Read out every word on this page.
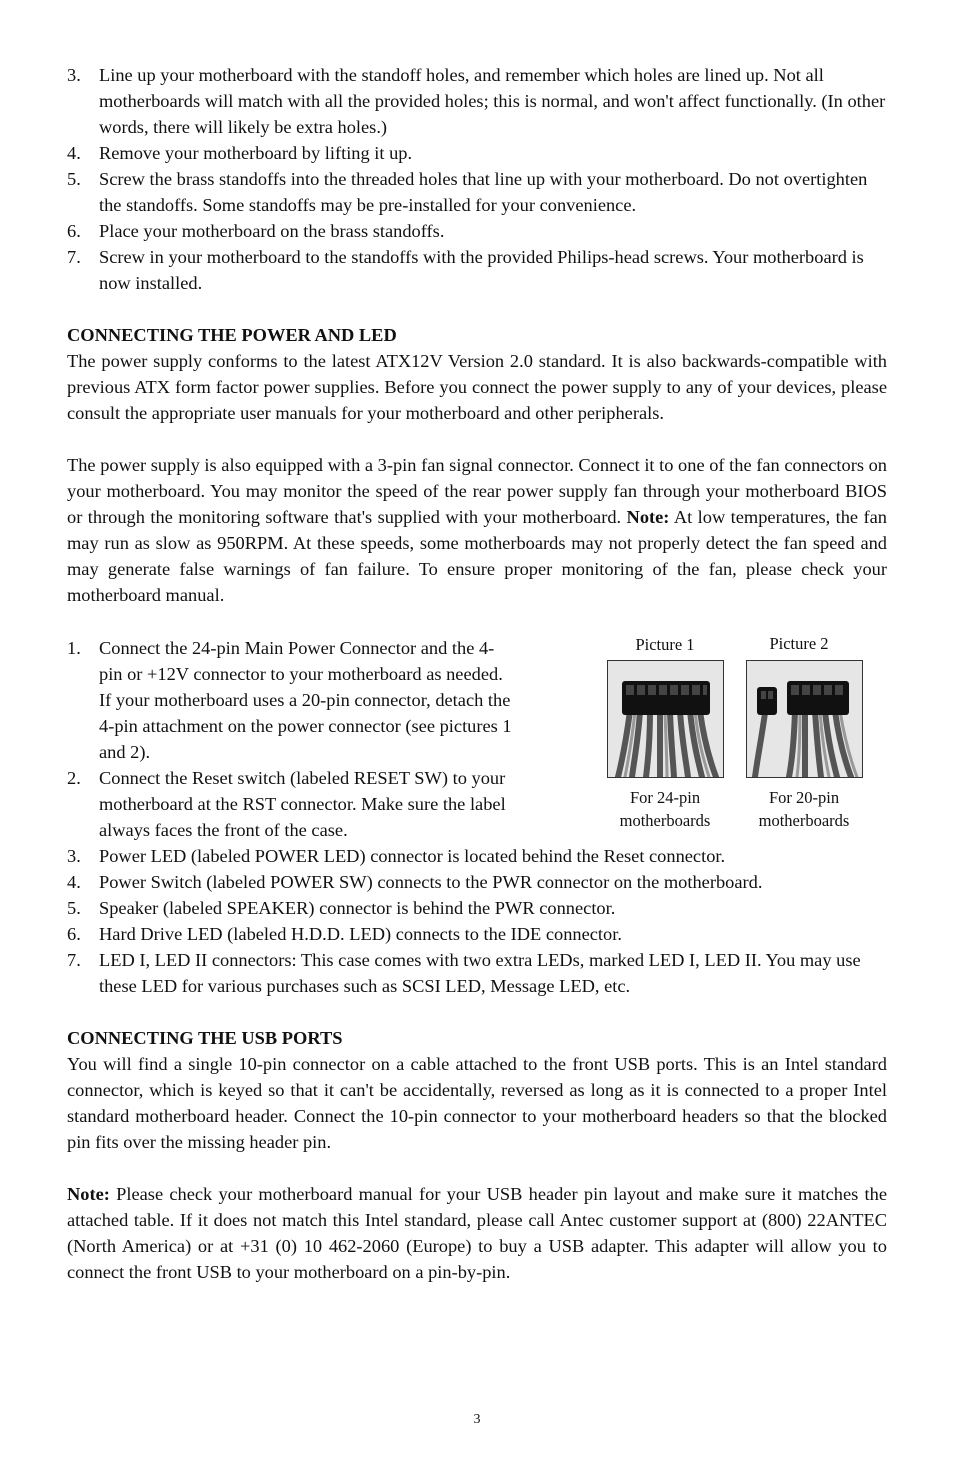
3. Line up your motherboard with the standoff holes, and remember which holes are lined up. Not all motherboards will match with all the provided holes; this is normal, and won't affect functionally. (In other words, there will likely be extra holes.)
4. Remove your motherboard by lifting it up.
5. Screw the brass standoffs into the threaded holes that line up with your motherboard. Do not overtighten the standoffs. Some standoffs may be pre-installed for your convenience.
6. Place your motherboard on the brass standoffs.
7. Screw in your motherboard to the standoffs with the provided Philips-head screws. Your motherboard is now installed.
CONNECTING THE POWER AND LED

The power supply conforms to the latest ATX12V Version 2.0 standard. It is also backwards-compatible with previous ATX form factor power supplies. Before you connect the power supply to any of your devices, please consult the appropriate user manuals for your motherboard and other peripherals.

The power supply is also equipped with a 3-pin fan signal connector. Connect it to one of the fan connectors on your motherboard. You may monitor the speed of the rear power supply fan through your motherboard BIOS or through the monitoring software that's supplied with your motherboard. Note: At low temperatures, the fan may run as slow as 950RPM. At these speeds, some motherboards may not properly detect the fan speed and may generate false warnings of fan failure. To ensure proper monitoring of the fan, please check your motherboard manual.

1. Connect the 24-pin Main Power Connector and the 4-pin or +12V connector to your motherboard as needed. If your motherboard uses a 20-pin connector, detach the 4-pin attachment on the power connector (see pictures 1 and 2).
2. Connect the Reset switch (labeled RESET SW) to your motherboard at the RST connector. Make sure the label always faces the front of the case.
Picture 1
For 24-pin
motherboards
Picture 2
For 20-pin
motherboards
3. Power LED (labeled POWER LED) connector is located behind the Reset connector.
4. Power Switch (labeled POWER SW) connects to the PWR connector on the motherboard.
5. Speaker (labeled SPEAKER) connector is behind the PWR connector.
6. Hard Drive LED (labeled H.D.D. LED) connects to the IDE connector.
7. LED I, LED II connectors: This case comes with two extra LEDs, marked LED I, LED II. You may use these LED for various purchases such as SCSI LED, Message LED, etc.
CONNECTING THE USB PORTS

You will find a single 10-pin connector on a cable attached to the front USB ports. This is an Intel standard connector, which is keyed so that it can't be accidentally, reversed as long as it is connected to a proper Intel standard motherboard header. Connect the 10-pin connector to your motherboard headers so that the blocked pin fits over the missing header pin.

Note: Please check your motherboard manual for your USB header pin layout and make sure it matches the attached table. If it does not match this Intel standard, please call Antec customer support at (800) 22ANTEC (North America) or at +31 (0) 10 462-2060 (Europe) to buy a USB adapter. This adapter will allow you to connect the front USB to your motherboard on a pin-by-pin.

3
